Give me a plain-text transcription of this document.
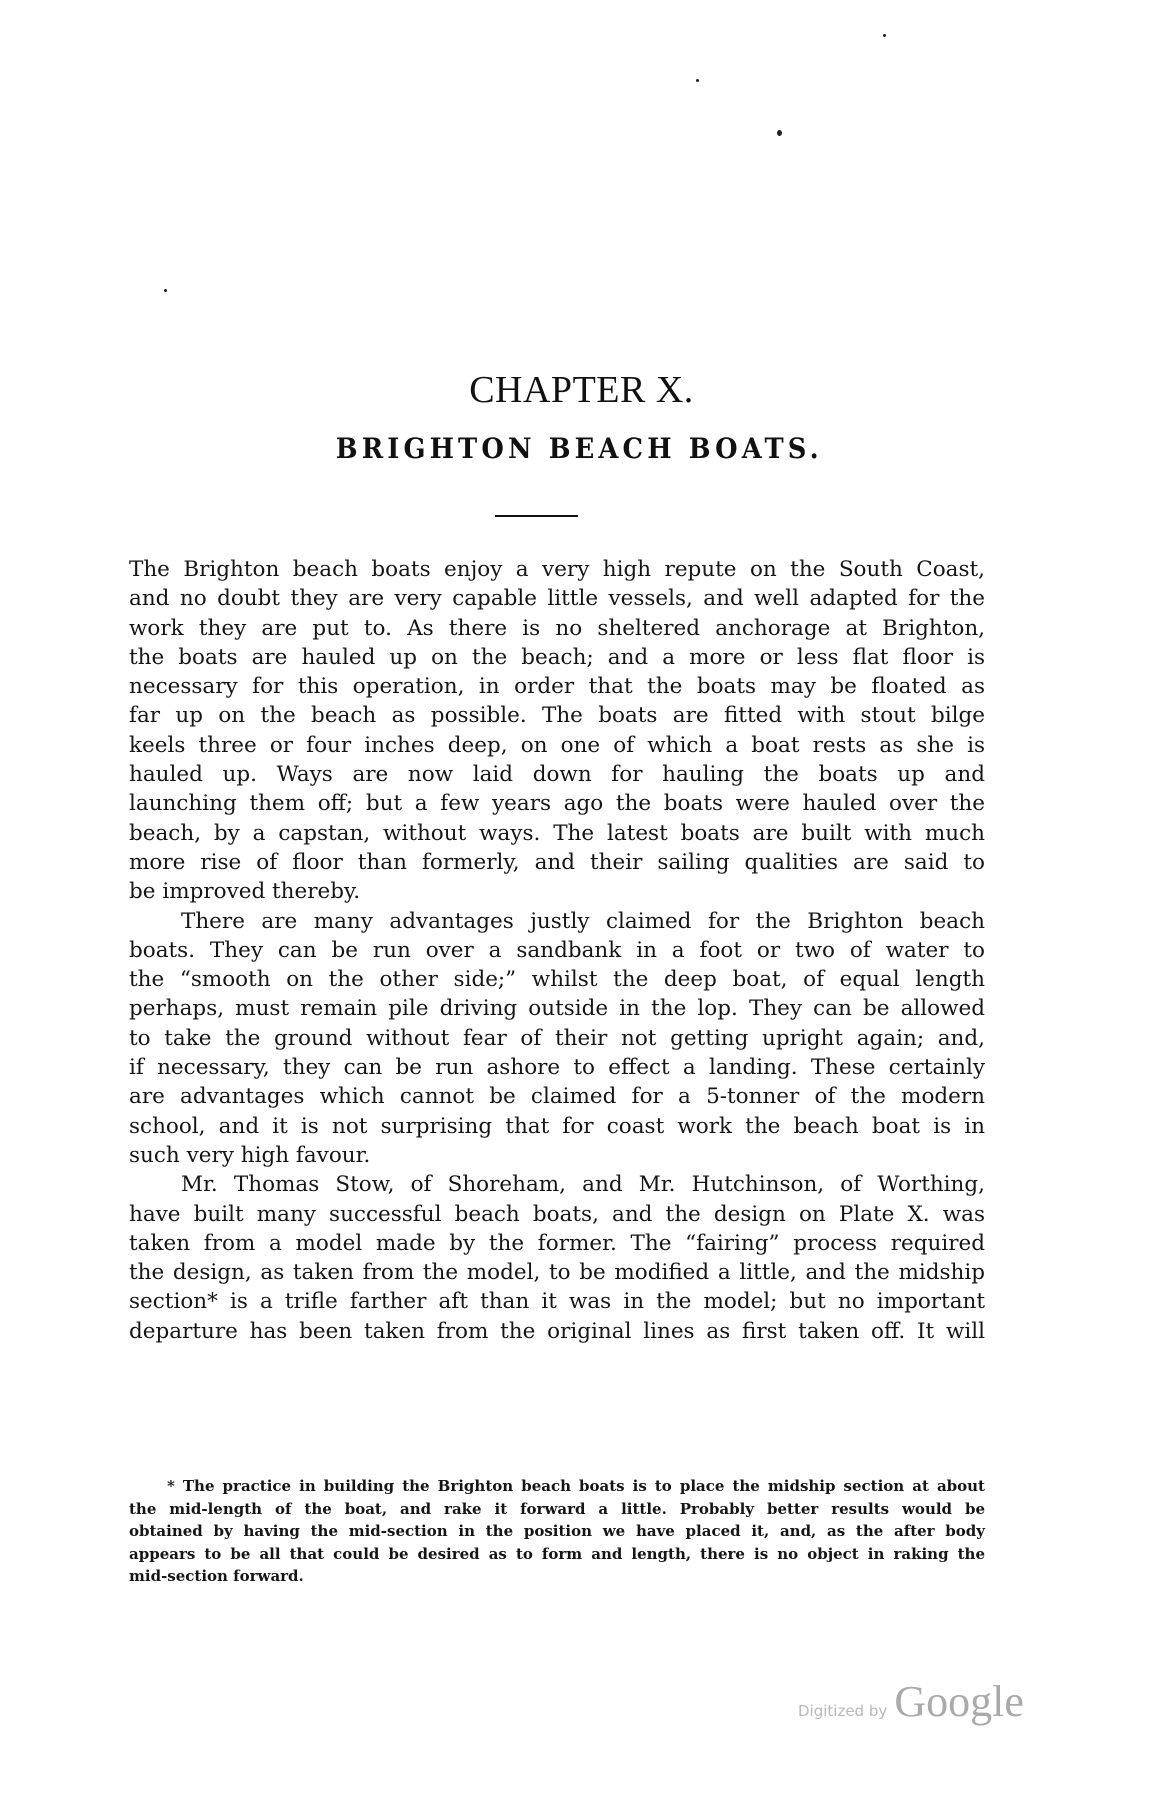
CHAPTER X.
BRIGHTON BEACH BOATS.

The Brighton beach boats enjoy a very high repute on the South Coast,
and no doubt they are very capable little vessels, and well adapted for the
work they are put to. As there is no sheltered anchorage at Brighton,
the boats are hauled up on the beach; and a more or less flat floor is
necessary for this operation, in order that the boats may be floated as
far up on the beach as possible. The boats are fitted with stout bilge
keels three or four inches deep, on one of which a boat rests as she is
hauled up. Ways are now laid down for hauling the boats up and
launching them off; but a few years ago the boats were hauled over the
beach, by a capstan, without ways. The latest boats are built with much
more rise of floor than formerly, and their sailing qualities are said to
be improved thereby.

There are many advantages justly claimed for the Brighton beach
boats. They can be run over a sandbank in a foot or two of water to
the “smooth on the other side;” whilst the deep boat, of equal length
perhaps, must remain pile driving outside in the lop. They can be allowed
to take the ground without fear of their not getting upright again; and,
if necessary, they can be run ashore to effect a landing. These certainly
are advantages which cannot be claimed for a 5-tonner of the modern
school, and it is not surprising that for coast work the beach boat is in
such very high favour.

Mr. Thomas Stow, of Shoreham, and Mr. Hutchinson, of Worthing,
have built many successful beach boats, and the design on Plate X. was
taken from a model made by the former. The “fairing” process required
the design, as taken from the model, to be modified a little, and the midship
section* is a trifle farther aft than it was in the model; but no important
departure has been taken from the original lines as first taken off. It will

* The practice in building the Brighton beach boats is to place the midship section at about
the mid-length of the boat, and rake it forward a little. Probably better results would be
obtained by having the mid-section in the position we have placed it, and, as the after body
appears to be all that could be desired as to form and length, there is no object in raking the
mid-section forward.
Digitized by Google
